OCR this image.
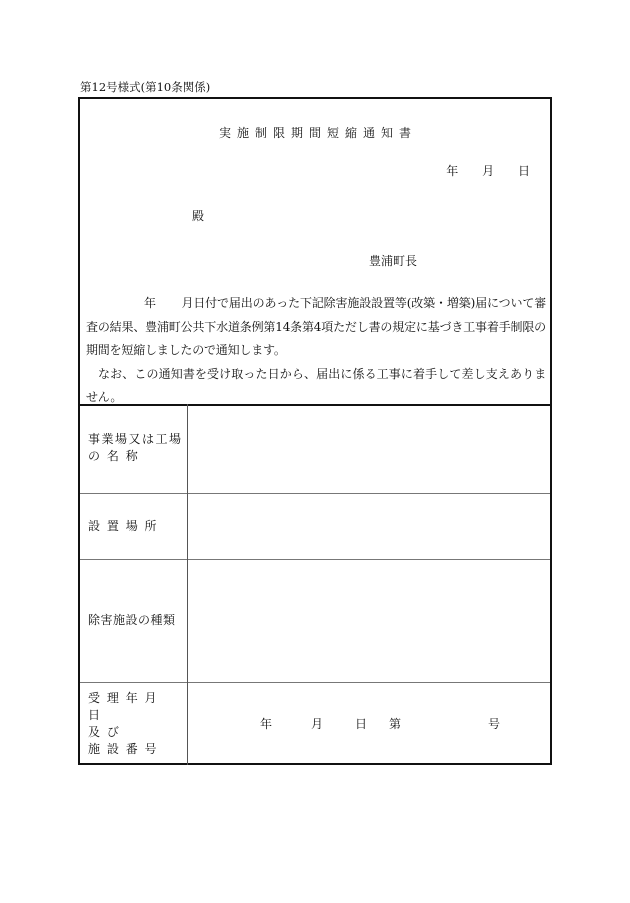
第12号様式(第10条関係)
実施制限期間短縮通知書
年 月 日
殿
豊浦町長
年 月日付で届出のあった下記除害施設設置等(改築・増築)届について審査の結果、豊浦町公共下水道条例第14条第4項ただし書の規定に基づき工事着手制限の期間を短縮しましたので通知します。
なお、この通知書を受け取った日から、届出に係る工事に着手して差し支えありません。
事業場又は工場
の 名 称	

設 置 場 所	

除害施設の種類	

受 理 年 月 日
及 び
施 設 番 号	年 月 日 第 号
